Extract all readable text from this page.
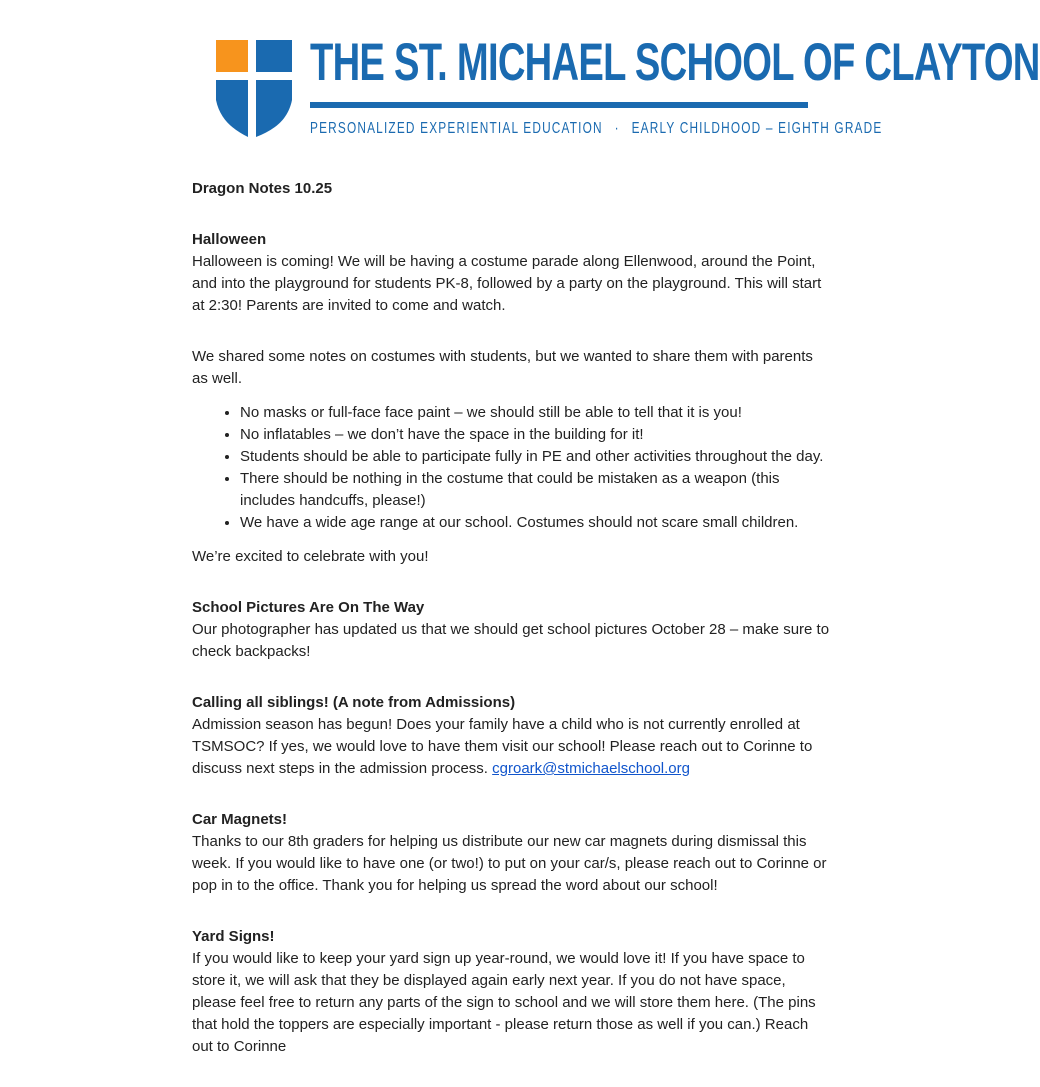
THE ST. MICHAEL SCHOOL OF CLAYTON
PERSONALIZED EXPERIENTIAL EDUCATION · EARLY CHILDHOOD – EIGHTH GRADE

Dragon Notes 10.25

Halloween

Halloween is coming! We will be having a costume parade along Ellenwood, around the Point, and into the playground for students PK-8, followed by a party on the playground. This will start at 2:30! Parents are invited to come and watch.

We shared some notes on costumes with students, but we wanted to share them with parents as well.

• No masks or full-face face paint – we should still be able to tell that it is you!
• No inflatables – we don’t have the space in the building for it!
• Students should be able to participate fully in PE and other activities throughout the day.
• There should be nothing in the costume that could be mistaken as a weapon (this includes handcuffs, please!)
• We have a wide age range at our school. Costumes should not scare small children.

We’re excited to celebrate with you!

School Pictures Are On The Way

Our photographer has updated us that we should get school pictures October 28 – make sure to check backpacks!

Calling all siblings! (A note from Admissions)

Admission season has begun! Does your family have a child who is not currently enrolled at TSMSOC? If yes, we would love to have them visit our school! Please reach out to Corinne to discuss next steps in the admission process. cgroark@stmichaelschool.org

Car Magnets!

Thanks to our 8th graders for helping us distribute our new car magnets during dismissal this week. If you would like to have one (or two!) to put on your car/s, please reach out to Corinne or pop in to the office. Thank you for helping us spread the word about our school!

Yard Signs!

If you would like to keep your yard sign up year-round, we would love it! If you have space to store it, we will ask that they be displayed again early next year. If you do not have space, please feel free to return any parts of the sign to school and we will store them here. (The pins that hold the toppers are especially important - please return those as well if you can.) Reach out to Corinne
